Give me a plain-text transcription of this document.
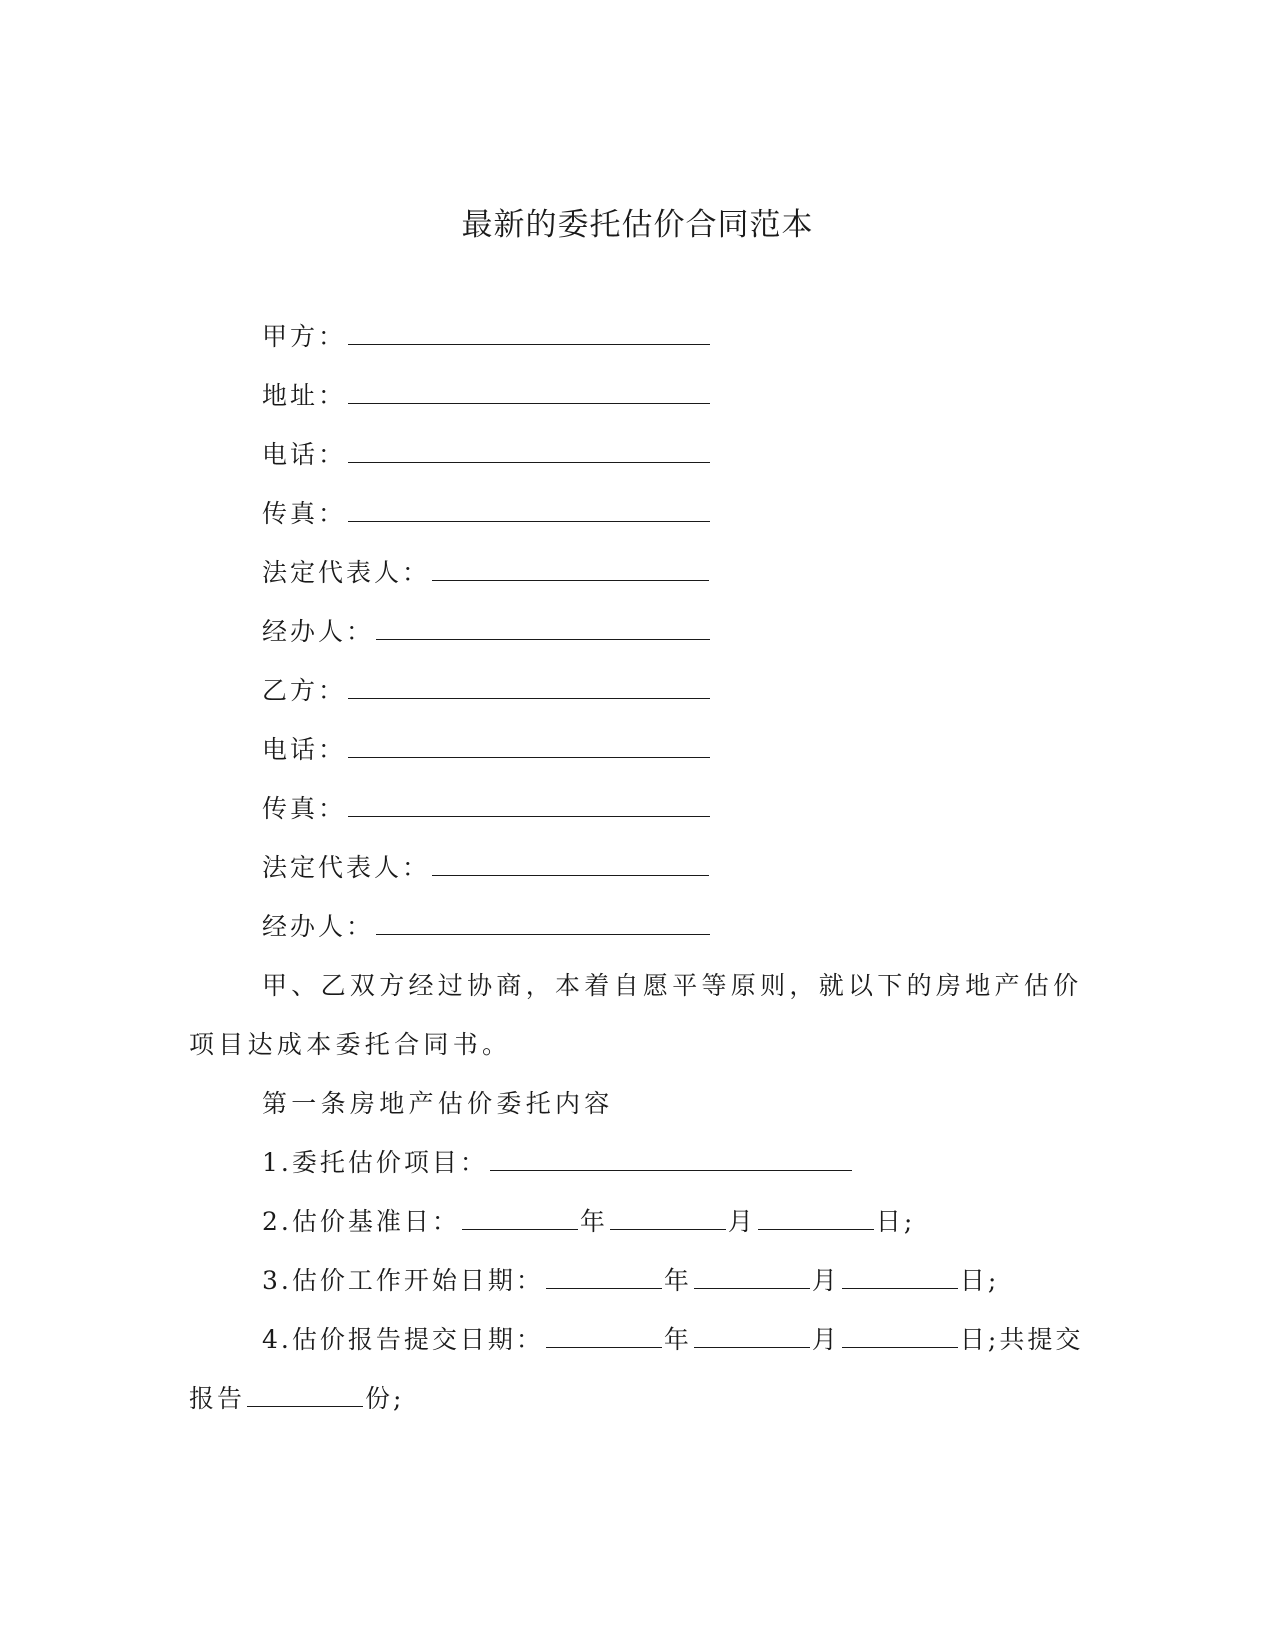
最新的委托估价合同范本
甲方：
地址：
电话：
传真：
法定代表人：
经办人：
乙方：
电话：
传真：
法定代表人：
经办人：
甲、乙双方经过协商，本着自愿平等原则，就以下的房地产估价
项目达成本委托合同书。
第一条房地产估价委托内容
1.委托估价项目：
2.估价基准日：	年	月	日;
3.估价工作开始日期：	年	月	日;
4.估价报告提交日期：	年	月	日;共提交
报告	份;
